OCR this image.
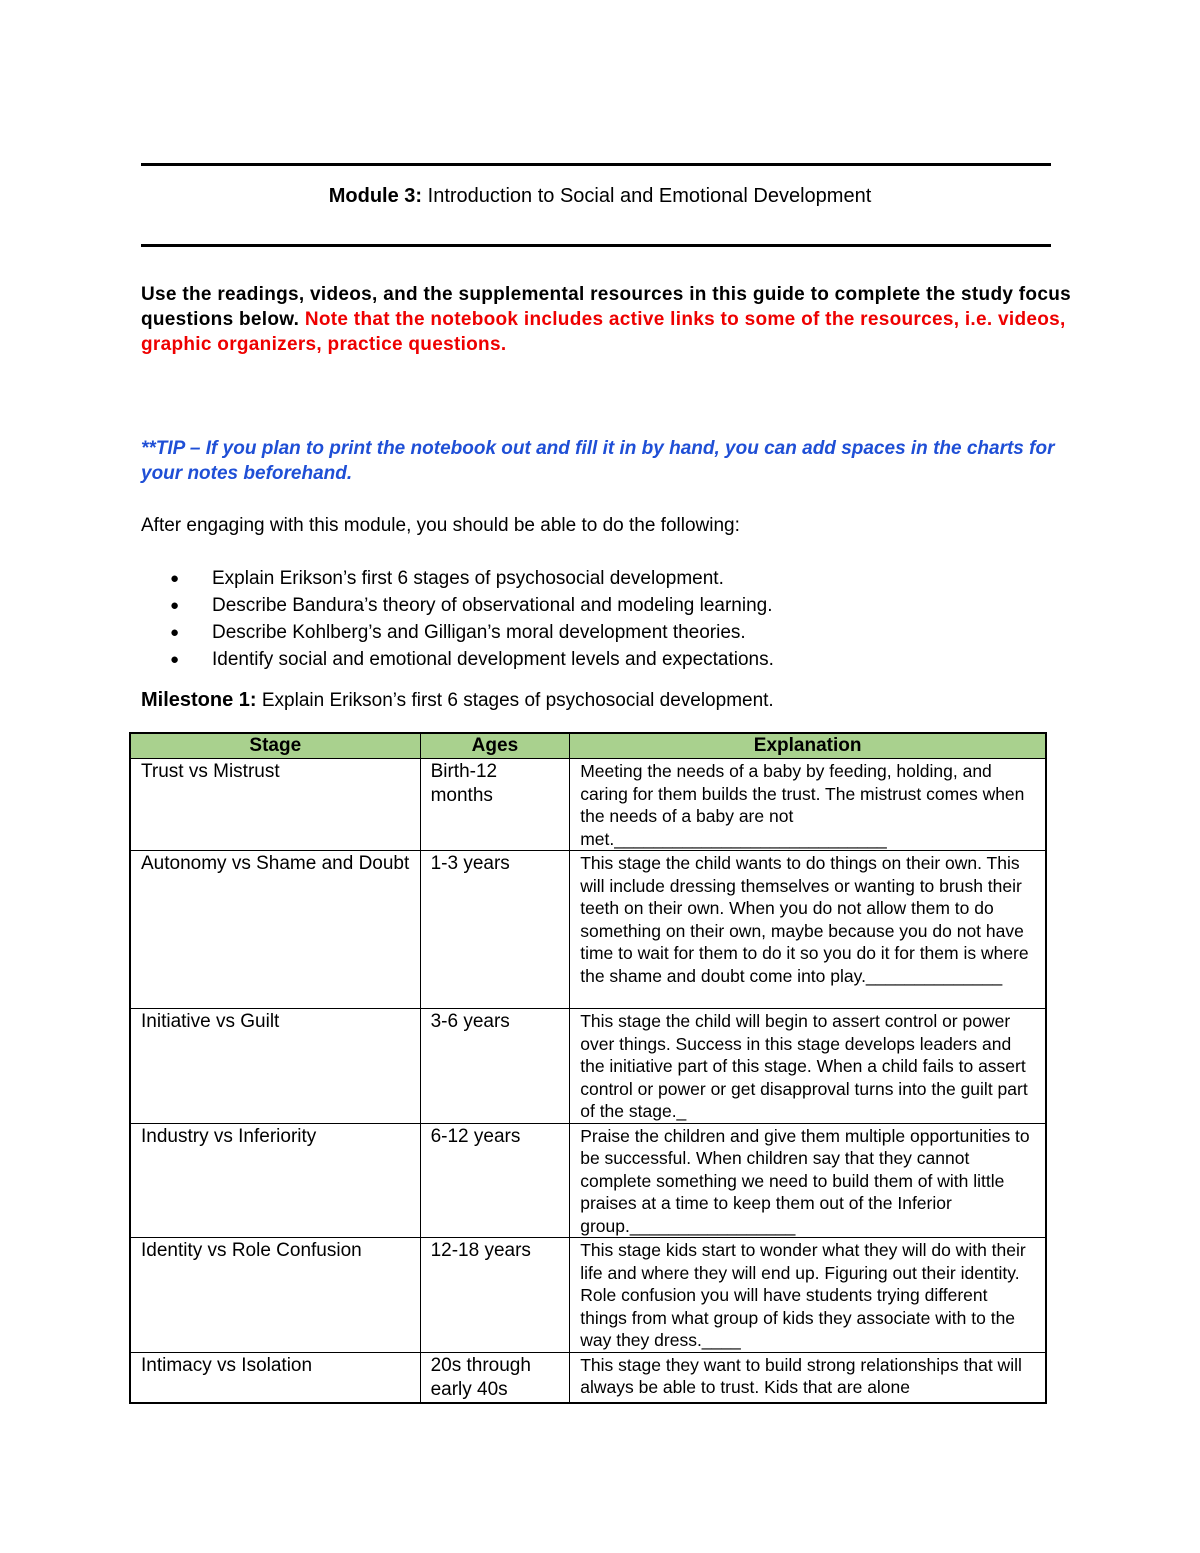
Module 3: Introduction to Social and Emotional Development
Use the readings, videos, and the supplemental resources in this guide to complete the study focus questions below. Note that the notebook includes active links to some of the resources, i.e. videos, graphic organizers, practice questions.
**TIP – If you plan to print the notebook out and fill it in by hand, you can add spaces in the charts for your notes beforehand.
After engaging with this module, you should be able to do the following:
●	Explain Erikson’s first 6 stages of psychosocial development.
●	Describe Bandura’s theory of observational and modeling learning.
●	Describe Kohlberg’s and Gilligan’s moral development theories.
●	Identify social and emotional development levels and expectations.
Milestone 1: Explain Erikson’s first 6 stages of psychosocial development.
Stage	Ages	Explanation
Trust vs Mistrust	Birth-12 months	Meeting the needs of a baby by feeding, holding, and caring for them builds the trust. The mistrust comes when the needs of a baby are not met.____________________________
Autonomy vs Shame and Doubt	1-3 years	This stage the child wants to do things on their own. This will include dressing themselves or wanting to brush their teeth on their own. When you do not allow them to do something on their own, maybe because you do not have time to wait for them to do it so you do it for them is where the shame and doubt come into play.______________
Initiative vs Guilt	3-6 years	This stage the child will begin to assert control or power over things. Success in this stage develops leaders and the initiative part of this stage. When a child fails to assert control or power or get disapproval turns into the guilt part of the stage._
Industry vs Inferiority	6-12 years	Praise the children and give them multiple opportunities to be successful. When children say that they cannot complete something we need to build them of with little praises at a time to keep them out of the Inferior group._________________
Identity vs Role Confusion	12-18 years	This stage kids start to wonder what they will do with their life and where they will end up. Figuring out their identity. Role confusion you will have students trying different things from what group of kids they associate with to the way they dress.____
Intimacy vs Isolation	20s through early 40s	This stage they want to build strong relationships that will always be able to trust. Kids that are alone
